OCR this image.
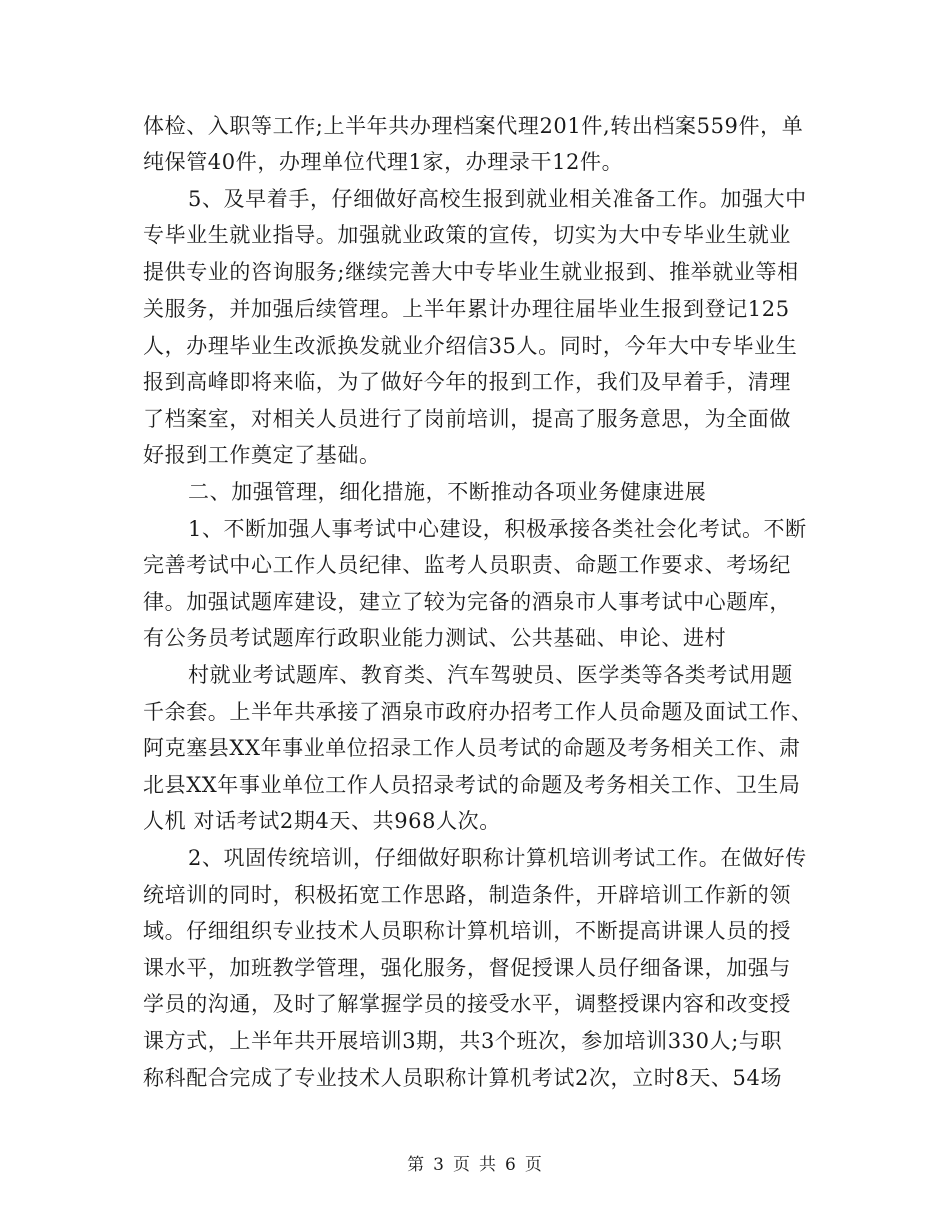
体检、入职等工作;上半年共办理档案代理201件,转出档案559件，单
纯保管40件，办理单位代理1家，办理录干12件。
5、及早着手，仔细做好高校生报到就业相关准备工作。加强大中
专毕业生就业指导。加强就业政策的宣传，切实为大中专毕业生就业
提供专业的咨询服务;继续完善大中专毕业生就业报到、推举就业等相
关服务，并加强后续管理。上半年累计办理往届毕业生报到登记125
人，办理毕业生改派换发就业介绍信35人。同时，今年大中专毕业生
报到高峰即将来临，为了做好今年的报到工作，我们及早着手，清理
了档案室，对相关人员进行了岗前培训，提高了服务意思，为全面做
好报到工作奠定了基础。
二、加强管理，细化措施，不断推动各项业务健康进展
1、不断加强人事考试中心建设，积极承接各类社会化考试。不断
完善考试中心工作人员纪律、监考人员职责、命题工作要求、考场纪
律。加强试题库建设，建立了较为完备的酒泉市人事考试中心题库，
有公务员考试题库行政职业能力测试、公共基础、申论、进村
村就业考试题库、教育类、汽车驾驶员、医学类等各类考试用题
千余套。上半年共承接了酒泉市政府办招考工作人员命题及面试工作、
阿克塞县XX年事业单位招录工作人员考试的命题及考务相关工作、肃
北县XX年事业单位工作人员招录考试的命题及考务相关工作、卫生局
人机 对话考试2期4天、共968人次。
2、巩固传统培训，仔细做好职称计算机培训考试工作。在做好传
统培训的同时，积极拓宽工作思路，制造条件，开辟培训工作新的领
域。仔细组织专业技术人员职称计算机培训，不断提高讲课人员的授
课水平，加班教学管理，强化服务，督促授课人员仔细备课，加强与
学员的沟通，及时了解掌握学员的接受水平，调整授课内容和改变授
课方式，上半年共开展培训3期，共3个班次，参加培训330人;与职
称科配合完成了专业技术人员职称计算机考试2次，立时8天、54场
第 3 页 共 6 页
